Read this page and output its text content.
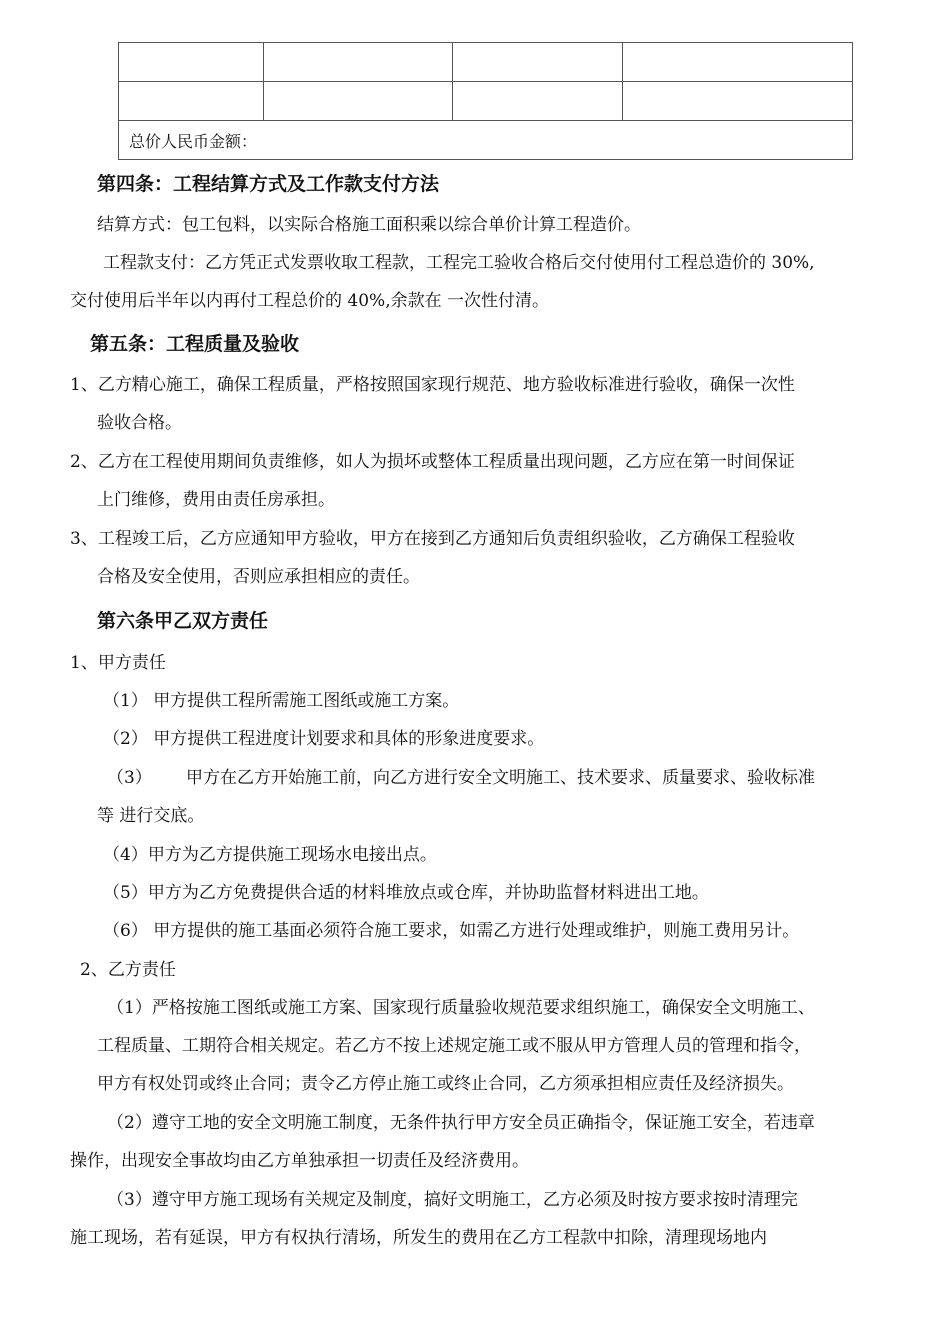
总价人民币金额：			
第四条：工程结算方式及工作款支付方法
结算方式：包工包料，以实际合格施工面积乘以综合单价计算工程造价。
工程款支付：乙方凭正式发票收取工程款，工程完工验收合格后交付使用付工程总造价的 30%,
交付使用后半年以内再付工程总价的 40%,余款在 一次性付清。
第五条：工程质量及验收
1、乙方精心施工，确保工程质量，严格按照国家现行规范、地方验收标准进行验收，确保一次性
验收合格。
2、乙方在工程使用期间负责维修，如人为损坏或整体工程质量出现问题，乙方应在第一时间保证
上门维修，费用由责任房承担。
3、工程竣工后，乙方应通知甲方验收，甲方在接到乙方通知后负责组织验收，乙方确保工程验收
合格及安全使用，否则应承担相应的责任。
第六条甲乙双方责任
1、甲方责任
（1） 甲方提供工程所需施工图纸或施工方案。
（2） 甲方提供工程进度计划要求和具体的形象进度要求。
（3） 甲方在乙方开始施工前，向乙方进行安全文明施工、技术要求、质量要求、验收标准
等 进行交底。
（4）甲方为乙方提供施工现场水电接出点。
（5）甲方为乙方免费提供合适的材料堆放点或仓库，并协助监督材料进出工地。
（6） 甲方提供的施工基面必须符合施工要求，如需乙方进行处理或维护，则施工费用另计。
2、乙方责任
（1）严格按施工图纸或施工方案、国家现行质量验收规范要求组织施工，确保安全文明施工、
工程质量、工期符合相关规定。若乙方不按上述规定施工或不服从甲方管理人员的管理和指令，
甲方有权处罚或终止合同；责令乙方停止施工或终止合同，乙方须承担相应责任及经济损失。
（2）遵守工地的安全文明施工制度，无条件执行甲方安全员正确指令，保证施工安全，若违章
操作，出现安全事故均由乙方单独承担一切责任及经济费用。
（3）遵守甲方施工现场有关规定及制度，搞好文明施工，乙方必须及时按方要求按时清理完
施工现场，若有延误，甲方有权执行清场，所发生的费用在乙方工程款中扣除，清理现场地内
